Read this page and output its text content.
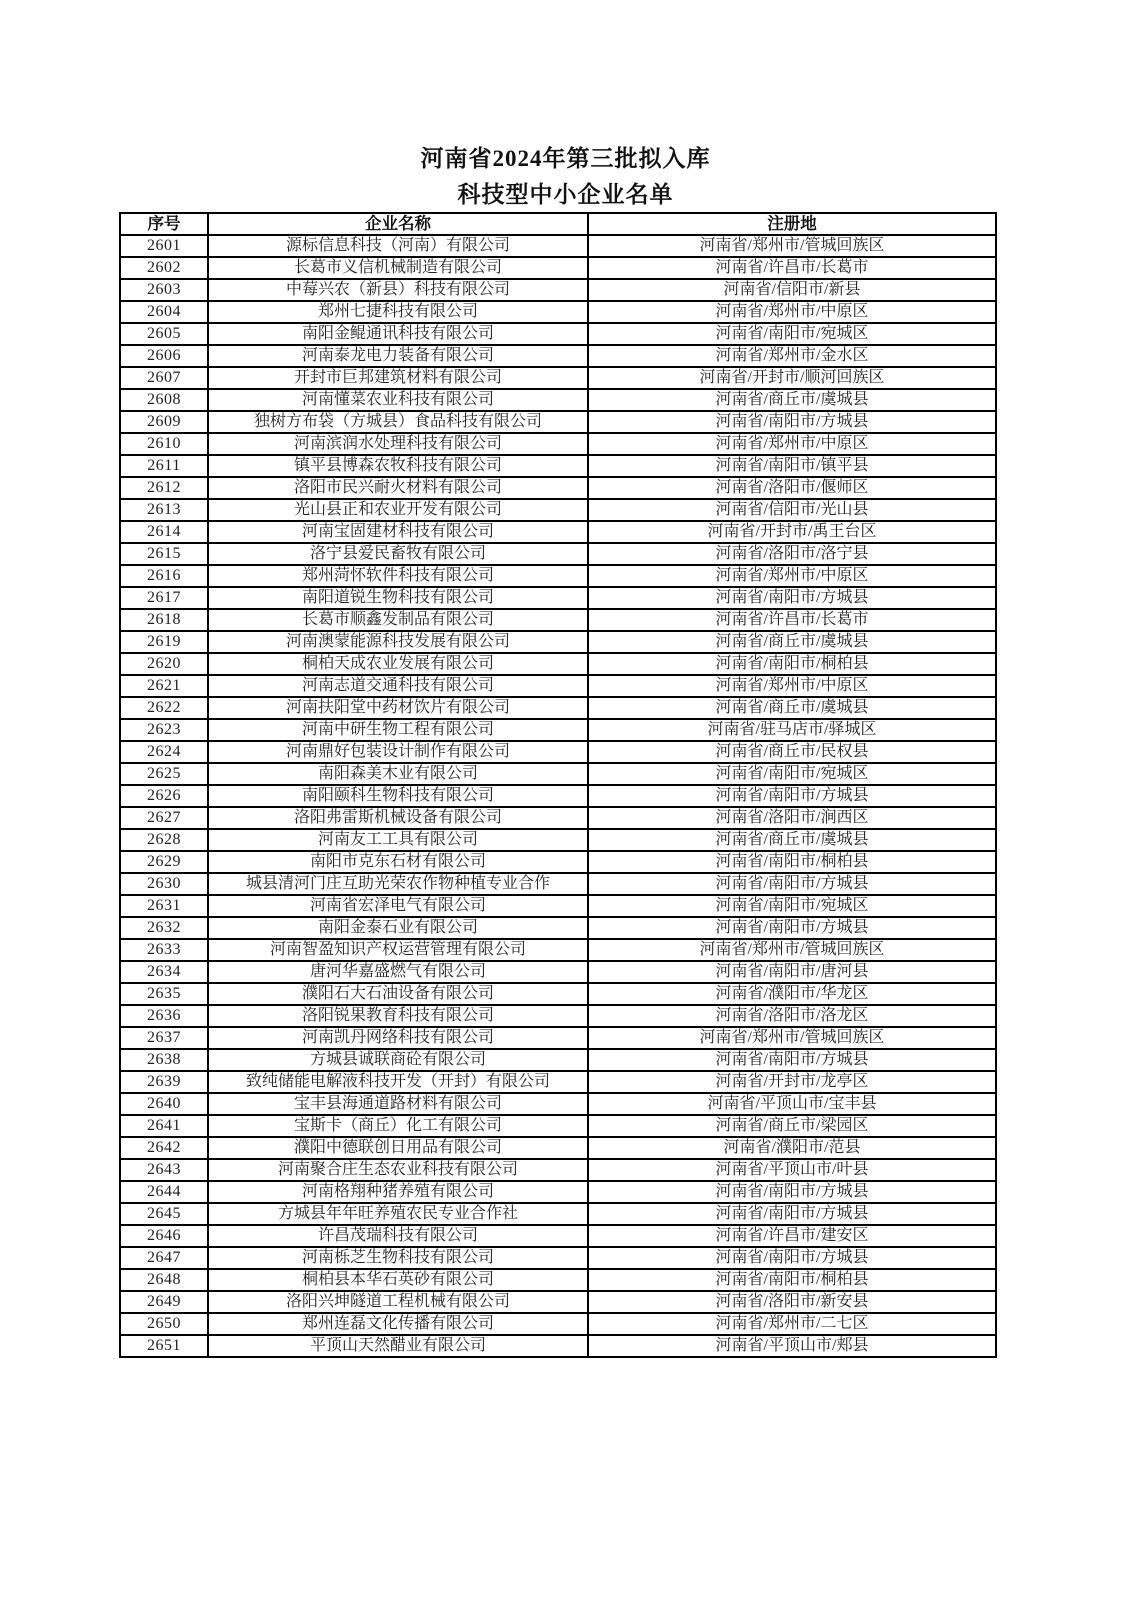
河南省2024年第三批拟入库
科技型中小企业名单
序号	企业名称	注册地
2601	源标信息科技（河南）有限公司	河南省/郑州市/管城回族区
2602	长葛市义信机械制造有限公司	河南省/许昌市/长葛市
2603	中莓兴农（新县）科技有限公司	河南省/信阳市/新县
2604	郑州七捷科技有限公司	河南省/郑州市/中原区
2605	南阳金鲲通讯科技有限公司	河南省/南阳市/宛城区
2606	河南泰龙电力装备有限公司	河南省/郑州市/金水区
2607	开封市巨邦建筑材料有限公司	河南省/开封市/顺河回族区
2608	河南懂菜农业科技有限公司	河南省/商丘市/虞城县
2609	独树方布袋（方城县）食品科技有限公司	河南省/南阳市/方城县
2610	河南滨润水处理科技有限公司	河南省/郑州市/中原区
2611	镇平县博森农牧科技有限公司	河南省/南阳市/镇平县
2612	洛阳市民兴耐火材料有限公司	河南省/洛阳市/偃师区
2613	光山县正和农业开发有限公司	河南省/信阳市/光山县
2614	河南宝固建材科技有限公司	河南省/开封市/禹王台区
2615	洛宁县爱民畜牧有限公司	河南省/洛阳市/洛宁县
2616	郑州菏怀软件科技有限公司	河南省/郑州市/中原区
2617	南阳道锐生物科技有限公司	河南省/南阳市/方城县
2618	长葛市顺鑫发制品有限公司	河南省/许昌市/长葛市
2619	河南澳蒙能源科技发展有限公司	河南省/商丘市/虞城县
2620	桐柏天成农业发展有限公司	河南省/南阳市/桐柏县
2621	河南志道交通科技有限公司	河南省/郑州市/中原区
2622	河南扶阳堂中药材饮片有限公司	河南省/商丘市/虞城县
2623	河南中研生物工程有限公司	河南省/驻马店市/驿城区
2624	河南鼎好包装设计制作有限公司	河南省/商丘市/民权县
2625	南阳森美木业有限公司	河南省/南阳市/宛城区
2626	南阳颐科生物科技有限公司	河南省/南阳市/方城县
2627	洛阳弗雷斯机械设备有限公司	河南省/洛阳市/涧西区
2628	河南友工工具有限公司	河南省/商丘市/虞城县
2629	南阳市克东石材有限公司	河南省/南阳市/桐柏县
2630	城县清河门庄互助光荣农作物种植专业合作	河南省/南阳市/方城县
2631	河南省宏泽电气有限公司	河南省/南阳市/宛城区
2632	南阳金泰石业有限公司	河南省/南阳市/方城县
2633	河南智盈知识产权运营管理有限公司	河南省/郑州市/管城回族区
2634	唐河华嘉盛燃气有限公司	河南省/南阳市/唐河县
2635	濮阳石大石油设备有限公司	河南省/濮阳市/华龙区
2636	洛阳锐果教育科技有限公司	河南省/洛阳市/洛龙区
2637	河南凯丹网络科技有限公司	河南省/郑州市/管城回族区
2638	方城县诚联商砼有限公司	河南省/南阳市/方城县
2639	致纯储能电解液科技开发（开封）有限公司	河南省/开封市/龙亭区
2640	宝丰县海通道路材料有限公司	河南省/平顶山市/宝丰县
2641	宝斯卡（商丘）化工有限公司	河南省/商丘市/梁园区
2642	濮阳中德联创日用品有限公司	河南省/濮阳市/范县
2643	河南聚合庄生态农业科技有限公司	河南省/平顶山市/叶县
2644	河南格翔种猪养殖有限公司	河南省/南阳市/方城县
2645	方城县年年旺养殖农民专业合作社	河南省/南阳市/方城县
2646	许昌茂瑞科技有限公司	河南省/许昌市/建安区
2647	河南栎芝生物科技有限公司	河南省/南阳市/方城县
2648	桐柏县本华石英砂有限公司	河南省/南阳市/桐柏县
2649	洛阳兴坤隧道工程机械有限公司	河南省/洛阳市/新安县
2650	郑州连磊文化传播有限公司	河南省/郑州市/二七区
2651	平顶山天然醋业有限公司	河南省/平顶山市/郏县
